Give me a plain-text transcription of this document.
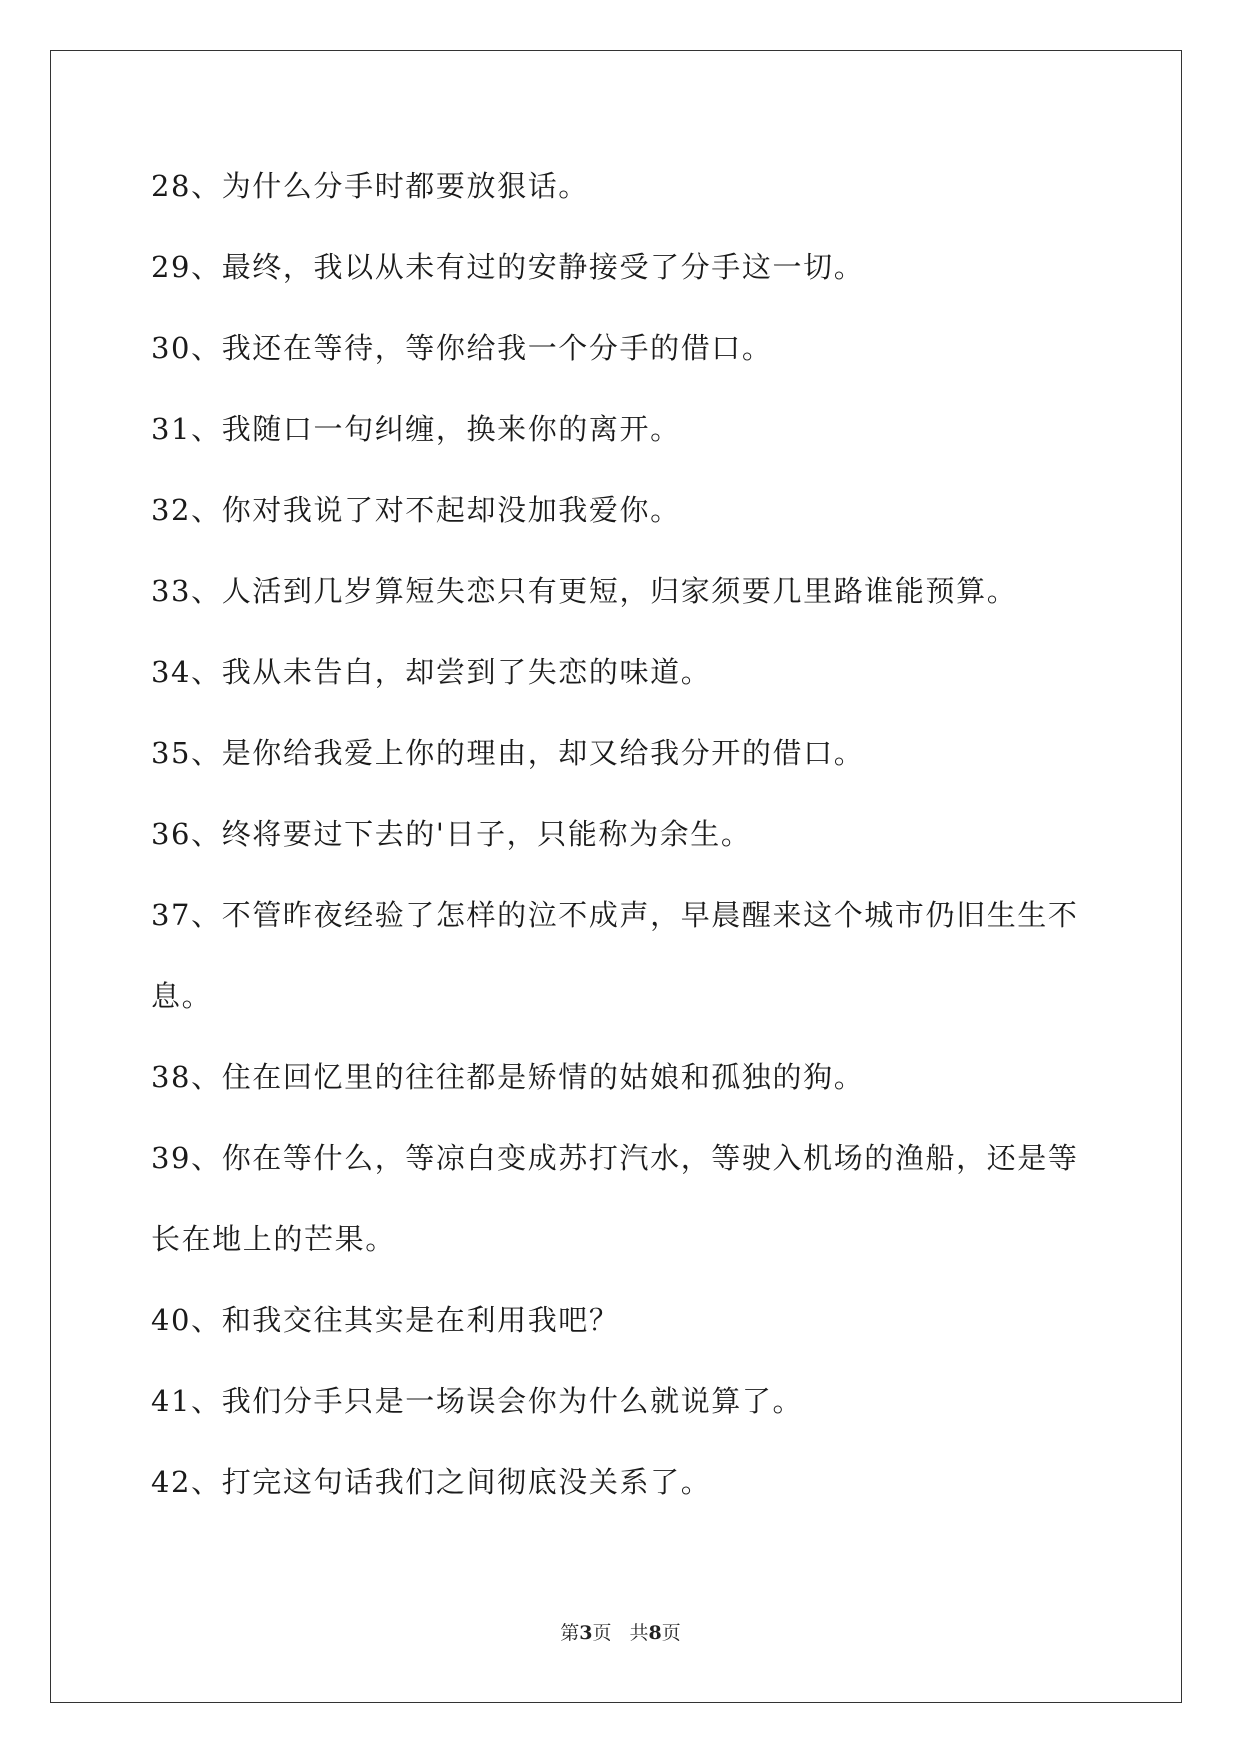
28、为什么分手时都要放狠话。
29、最终，我以从未有过的安静接受了分手这一切。
30、我还在等待，等你给我一个分手的借口。
31、我随口一句纠缠，换来你的离开。
32、你对我说了对不起却没加我爱你。
33、人活到几岁算短失恋只有更短，归家须要几里路谁能预算。
34、我从未告白，却尝到了失恋的味道。
35、是你给我爱上你的理由，却又给我分开的借口。
36、终将要过下去的'日子，只能称为余生。
37、不管昨夜经验了怎样的泣不成声，早晨醒来这个城市仍旧生生不
息。
38、住在回忆里的往往都是矫情的姑娘和孤独的狗。
39、你在等什么，等凉白变成苏打汽水，等驶入机场的渔船，还是等
长在地上的芒果。
40、和我交往其实是在利用我吧？
41、我们分手只是一场误会你为什么就说算了。
42、打完这句话我们之间彻底没关系了。
第3页 共8页
